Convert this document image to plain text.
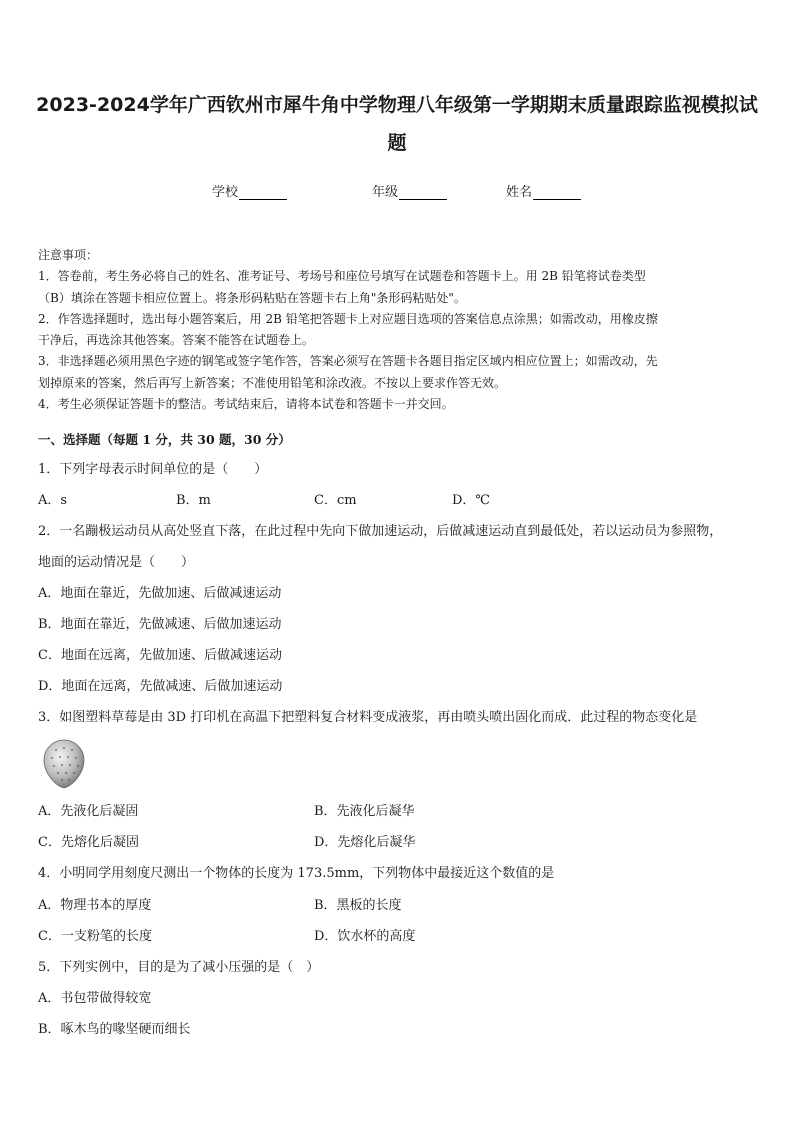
2023-2024学年广西钦州市犀牛角中学物理八年级第一学期期末质量跟踪监视模拟试
题
学校	年级	姓名

注意事项：

1．答卷前，考生务必将自己的姓名、准考证号、考场号和座位号填写在试题卷和答题卡上。用 2B 铅笔将试卷类型

（B）填涂在答题卡相应位置上。将条形码粘贴在答题卡右上角"条形码粘贴处"。

2．作答选择题时，选出每小题答案后，用 2B 铅笔把答题卡上对应题目选项的答案信息点涂黑；如需改动，用橡皮擦

干净后，再选涂其他答案。答案不能答在试题卷上。

3．非选择题必须用黑色字迹的钢笔或签字笔作答，答案必须写在答题卡各题目指定区域内相应位置上；如需改动，先

划掉原来的答案，然后再写上新答案；不准使用铅笔和涂改液。不按以上要求作答无效。

4．考生必须保证答题卡的整洁。考试结束后，请将本试卷和答题卡一并交回。

一、选择题（每题 1 分，共 30 题，30 分）
1．下列字母表示时间单位的是（　　）
A．s	B．m	C．cm	D．℃
2．一名蹦极运动员从高处竖直下落，在此过程中先向下做加速运动，后做减速运动直到最低处，若以运动员为参照物，
地面的运动情况是（　　）
A．地面在靠近，先做加速、后做减速运动
B．地面在靠近，先做减速、后做加速运动
C．地面在远离，先做加速、后做减速运动
D．地面在远离，先做减速、后做加速运动
3．如图塑料草莓是由 3D 打印机在高温下把塑料复合材料变成液浆，再由喷头喷出固化而成．此过程的物态变化是
A．先液化后凝固	B．先液化后凝华
C．先熔化后凝固	D．先熔化后凝华
4．小明同学用刻度尺测出一个物体的长度为 173.5mm，下列物体中最接近这个数值的是
A．物理书本的厚度	B．黑板的长度
C．一支粉笔的长度	D．饮水杯的高度
5．下列实例中，目的是为了减小压强的是（　）
A．书包带做得较宽
B．啄木鸟的喙坚硬而细长
